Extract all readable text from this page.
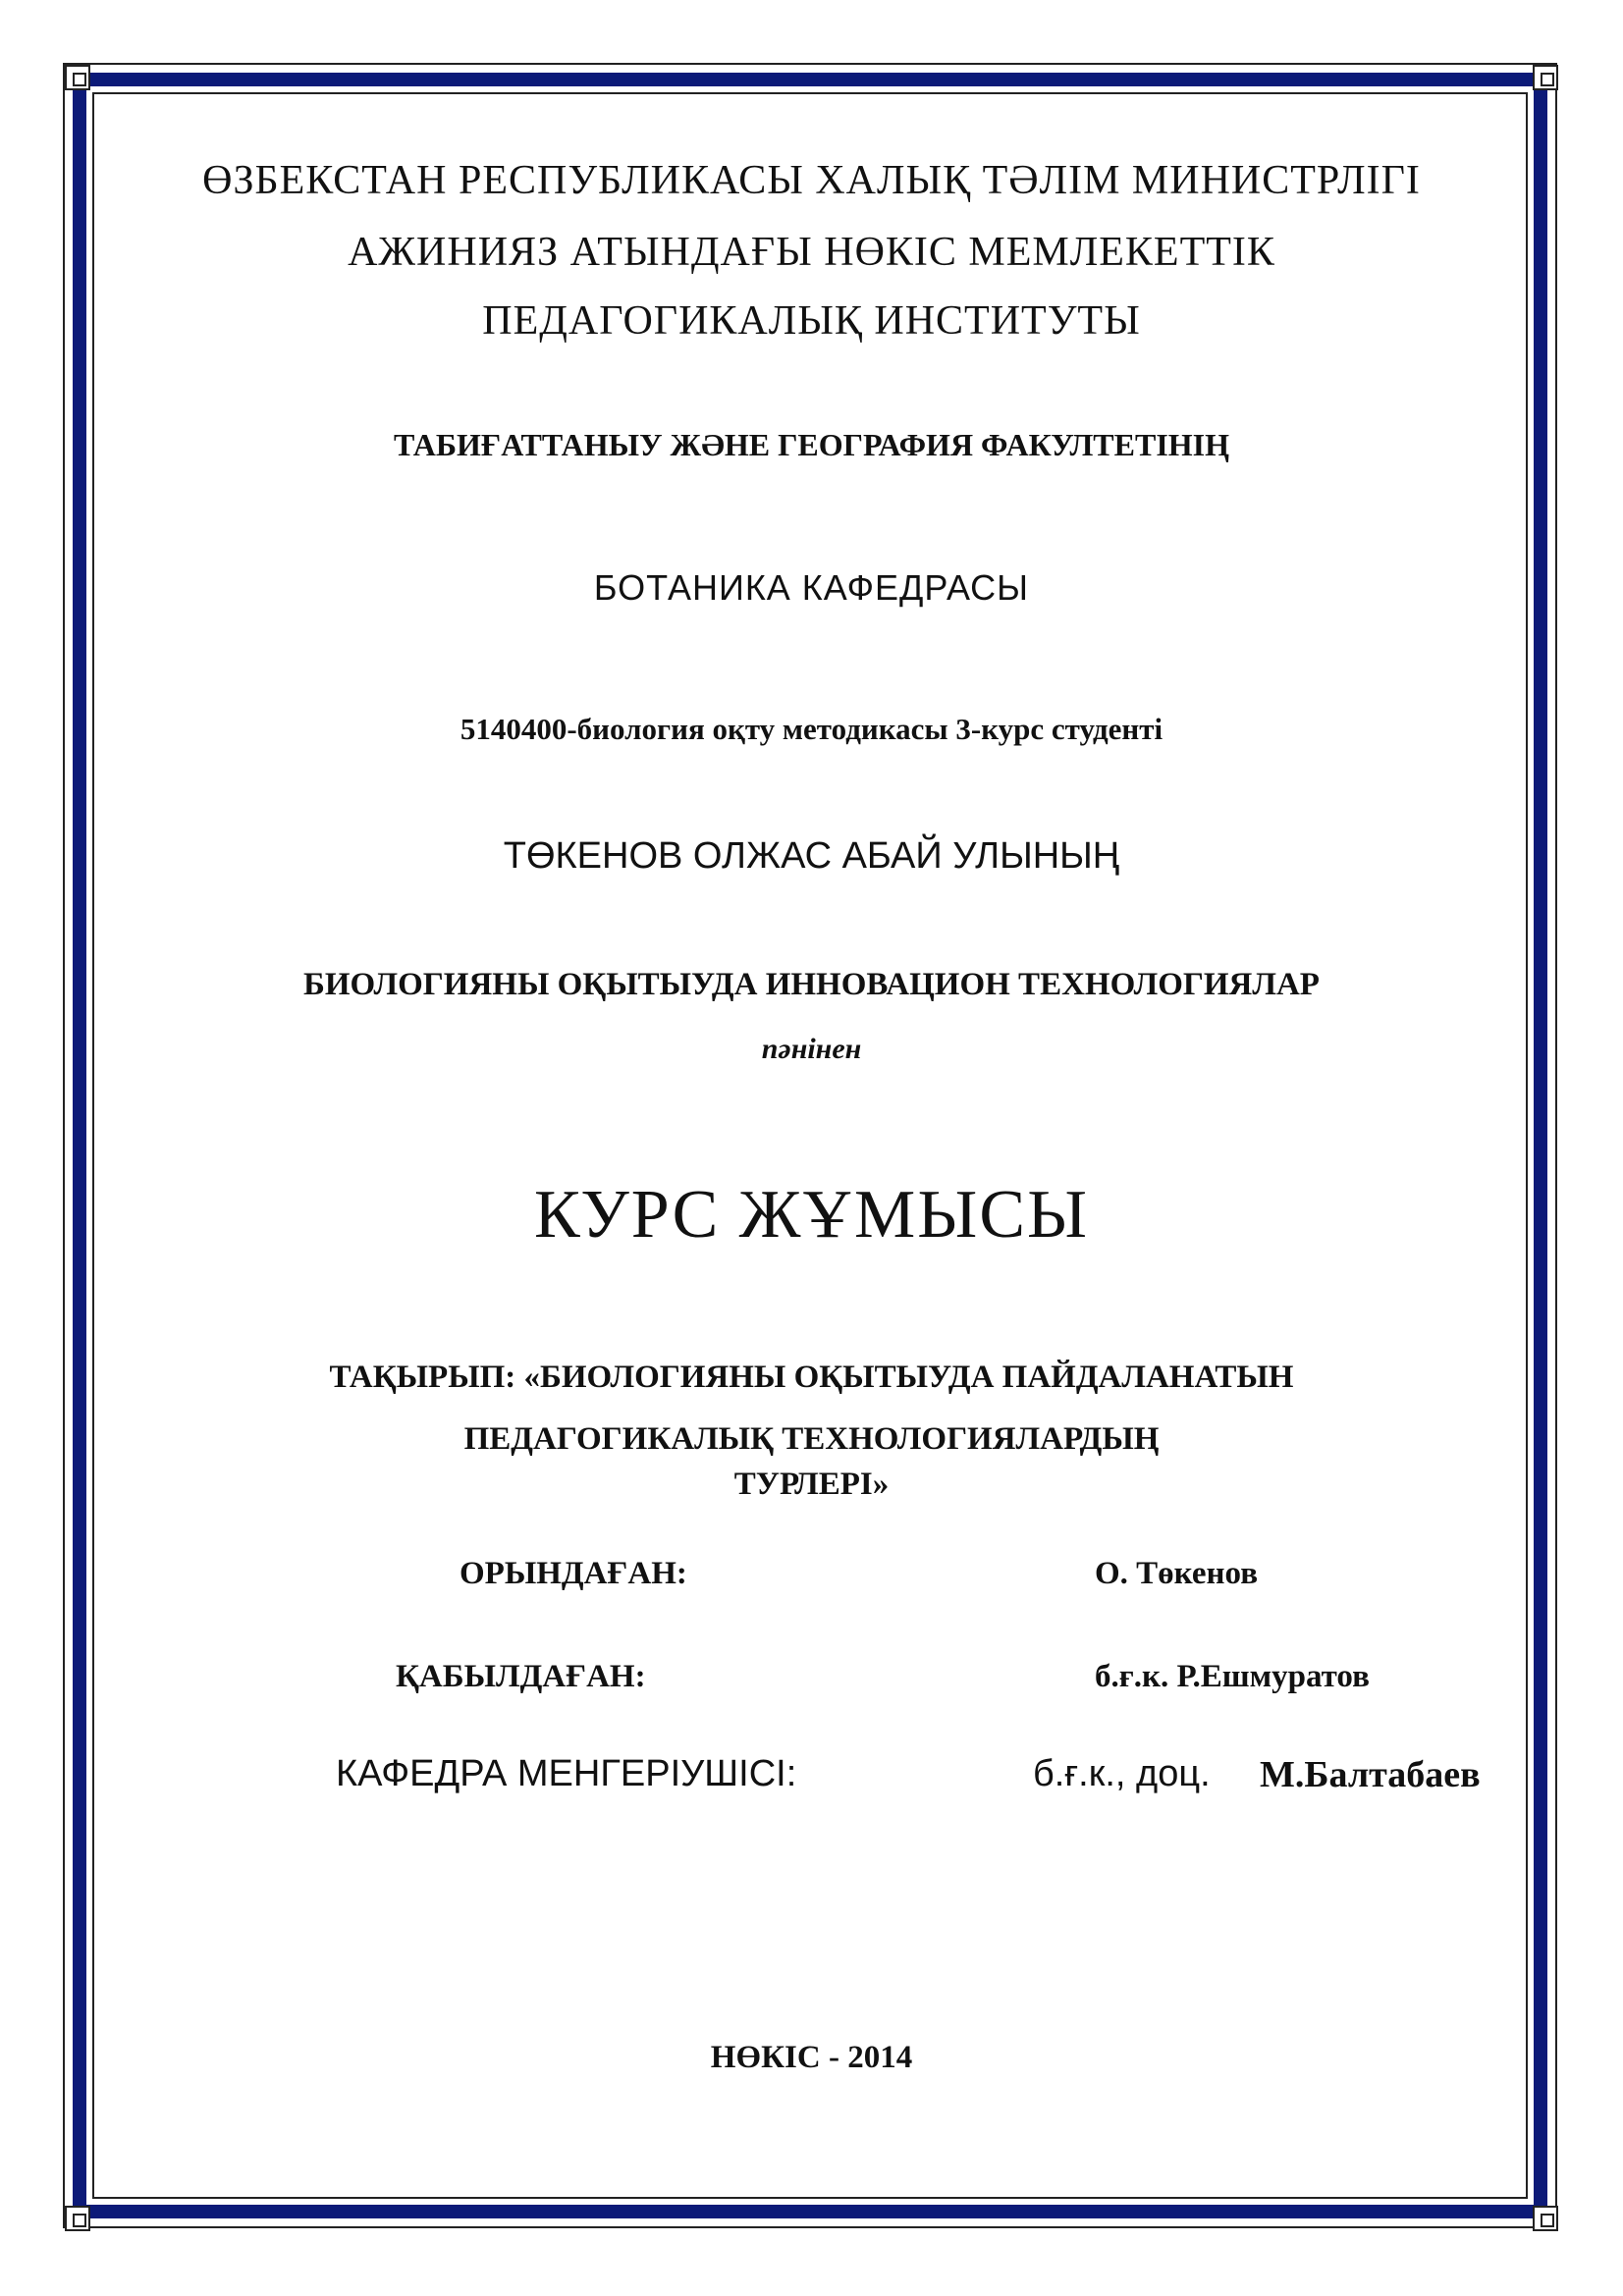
ӨЗБЕКСТАН РЕСПУБЛИКАСЫ ХАЛЫҚ ТӘЛІМ МИНИСТРЛІГІ
АЖИНИЯЗ АТЫНДАҒЫ НӨКІС МЕМЛЕКЕТТІК
ПЕДАГОГИКАЛЫҚ ИНСТИТУТЫ
ТАБИҒАТТАНЫУ ЖӘНЕ ГЕОГРАФИЯ ФАКУЛТЕТІНІҢ
БОТАНИКА КАФЕДРАСЫ
5140400-биология оқту методикасы 3-курс студенті
ТӨКЕНОВ ОЛЖАС АБАЙ УЛЫНЫҢ
БИОЛОГИЯНЫ ОҚЫТЫУДА ИННОВАЦИОН ТЕХНОЛОГИЯЛАР
пәнінен
КУРС ЖҰМЫСЫ
ТАҚЫРЫП: «БИОЛОГИЯНЫ ОҚЫТЫУДА ПАЙДАЛАНАТЫН
ПЕДАГОГИКАЛЫҚ ТЕХНОЛОГИЯЛАРДЫҢ
ТУРЛЕРІ»
ОРЫНДАҒАН:	О. Төкенов
ҚАБЫЛДАҒАН:	б.ғ.к. Р.Ешмуратов
КАФЕДРА МЕНГЕРІУШІСІ:	б.ғ.к., доц. М.Балтабаев
НӨКІС - 2014
